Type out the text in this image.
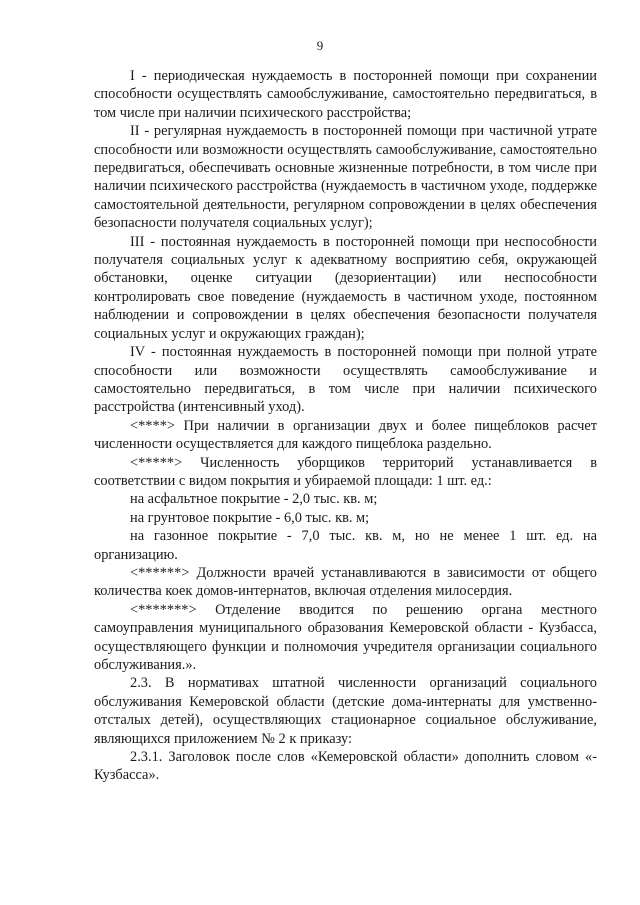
9

I - периодическая нуждаемость в посторонней помощи при сохранении способности осуществлять самообслуживание, самостоятельно передвигаться, в том числе при наличии психического расстройства;

II - регулярная нуждаемость в посторонней помощи при частичной утрате способности или возможности осуществлять самообслуживание, самостоятельно передвигаться, обеспечивать основные жизненные потребности, в том числе при наличии психического расстройства (нуждаемость в частичном уходе, поддержке самостоятельной деятельности, регулярном сопровождении в целях обеспечения безопасности получателя социальных услуг);

III - постоянная нуждаемость в посторонней помощи при неспособности получателя социальных услуг к адекватному восприятию себя, окружающей обстановки, оценке ситуации (дезориентации) или неспособности контролировать свое поведение (нуждаемость в частичном уходе, постоянном наблюдении и сопровождении в целях обеспечения безопасности получателя социальных услуг и окружающих граждан);

IV - постоянная нуждаемость в посторонней помощи при полной утрате способности или возможности осуществлять самообслуживание и самостоятельно передвигаться, в том числе при наличии психического расстройства (интенсивный уход).

<****> При наличии в организации двух и более пищеблоков расчет численности осуществляется для каждого пищеблока раздельно.

<*****> Численность уборщиков территорий устанавливается в соответствии с видом покрытия и убираемой площади: 1 шт. ед.:

на асфальтное покрытие - 2,0 тыс. кв. м;

на грунтовое покрытие - 6,0 тыс. кв. м;

на газонное покрытие - 7,0 тыс. кв. м, но не менее 1 шт. ед. на организацию.

<******> Должности врачей устанавливаются в зависимости от общего количества коек домов-интернатов, включая отделения милосердия.

<*******> Отделение вводится по решению органа местного самоуправления муниципального образования Кемеровской области - Кузбасса, осуществляющего функции и полномочия учредителя организации социального обслуживания.».

2.3. В нормативах штатной численности организаций социального обслуживания Кемеровской области (детские дома-интернаты для умственно-отсталых детей), осуществляющих стационарное социальное обслуживание, являющихся приложением № 2 к приказу:

2.3.1. Заголовок после слов «Кемеровской области» дополнить словом «- Кузбасса».
